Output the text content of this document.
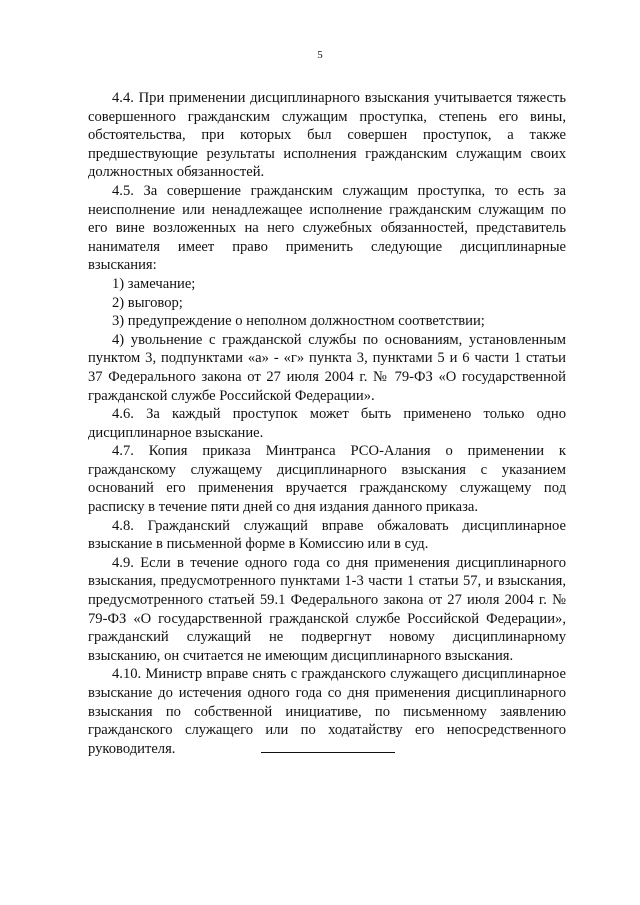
5

4.4. При применении дисциплинарного взыскания учитывается тяжесть совершенного гражданским служащим проступка, степень его вины, обстоятельства, при которых был совершен проступок, а также предшествующие результаты исполнения гражданским служащим своих должностных обязанностей.

4.5. За совершение гражданским служащим проступка, то есть за неисполнение или ненадлежащее исполнение гражданским служащим по его вине возложенных на него служебных обязанностей, представитель нанимателя имеет право применить следующие дисциплинарные взыскания:

1) замечание;

2) выговор;

3) предупреждение о неполном должностном соответствии;

4) увольнение с гражданской службы по основаниям, установленным пунктом 3, подпунктами «а» - «г» пункта 3, пунктами 5 и 6 части 1 статьи 37 Федерального закона от 27 июля 2004 г. № 79-ФЗ «О государственной гражданской службе Российской Федерации».

4.6. За каждый проступок может быть применено только одно дисциплинарное взыскание.

4.7. Копия приказа Минтранса РСО-Алания о применении к гражданскому служащему дисциплинарного взыскания с указанием оснований его применения вручается гражданскому служащему под расписку в течение пяти дней со дня издания данного приказа.

4.8. Гражданский служащий вправе обжаловать дисциплинарное взыскание в письменной форме в Комиссию или в суд.

4.9. Если в течение одного года со дня применения дисциплинарного взыскания, предусмотренного пунктами 1-3 части 1 статьи 57, и взыскания, предусмотренного статьей 59.1 Федерального закона от 27 июля 2004 г. № 79-ФЗ «О государственной гражданской службе Российской Федерации», гражданский служащий не подвергнут новому дисциплинарному взысканию, он считается не имеющим дисциплинарного взыскания.

4.10. Министр вправе снять с гражданского служащего дисциплинарное взыскание до истечения одного года со дня применения дисциплинарного взыскания по собственной инициативе, по письменному заявлению гражданского служащего или по ходатайству его непосредственного руководителя.
